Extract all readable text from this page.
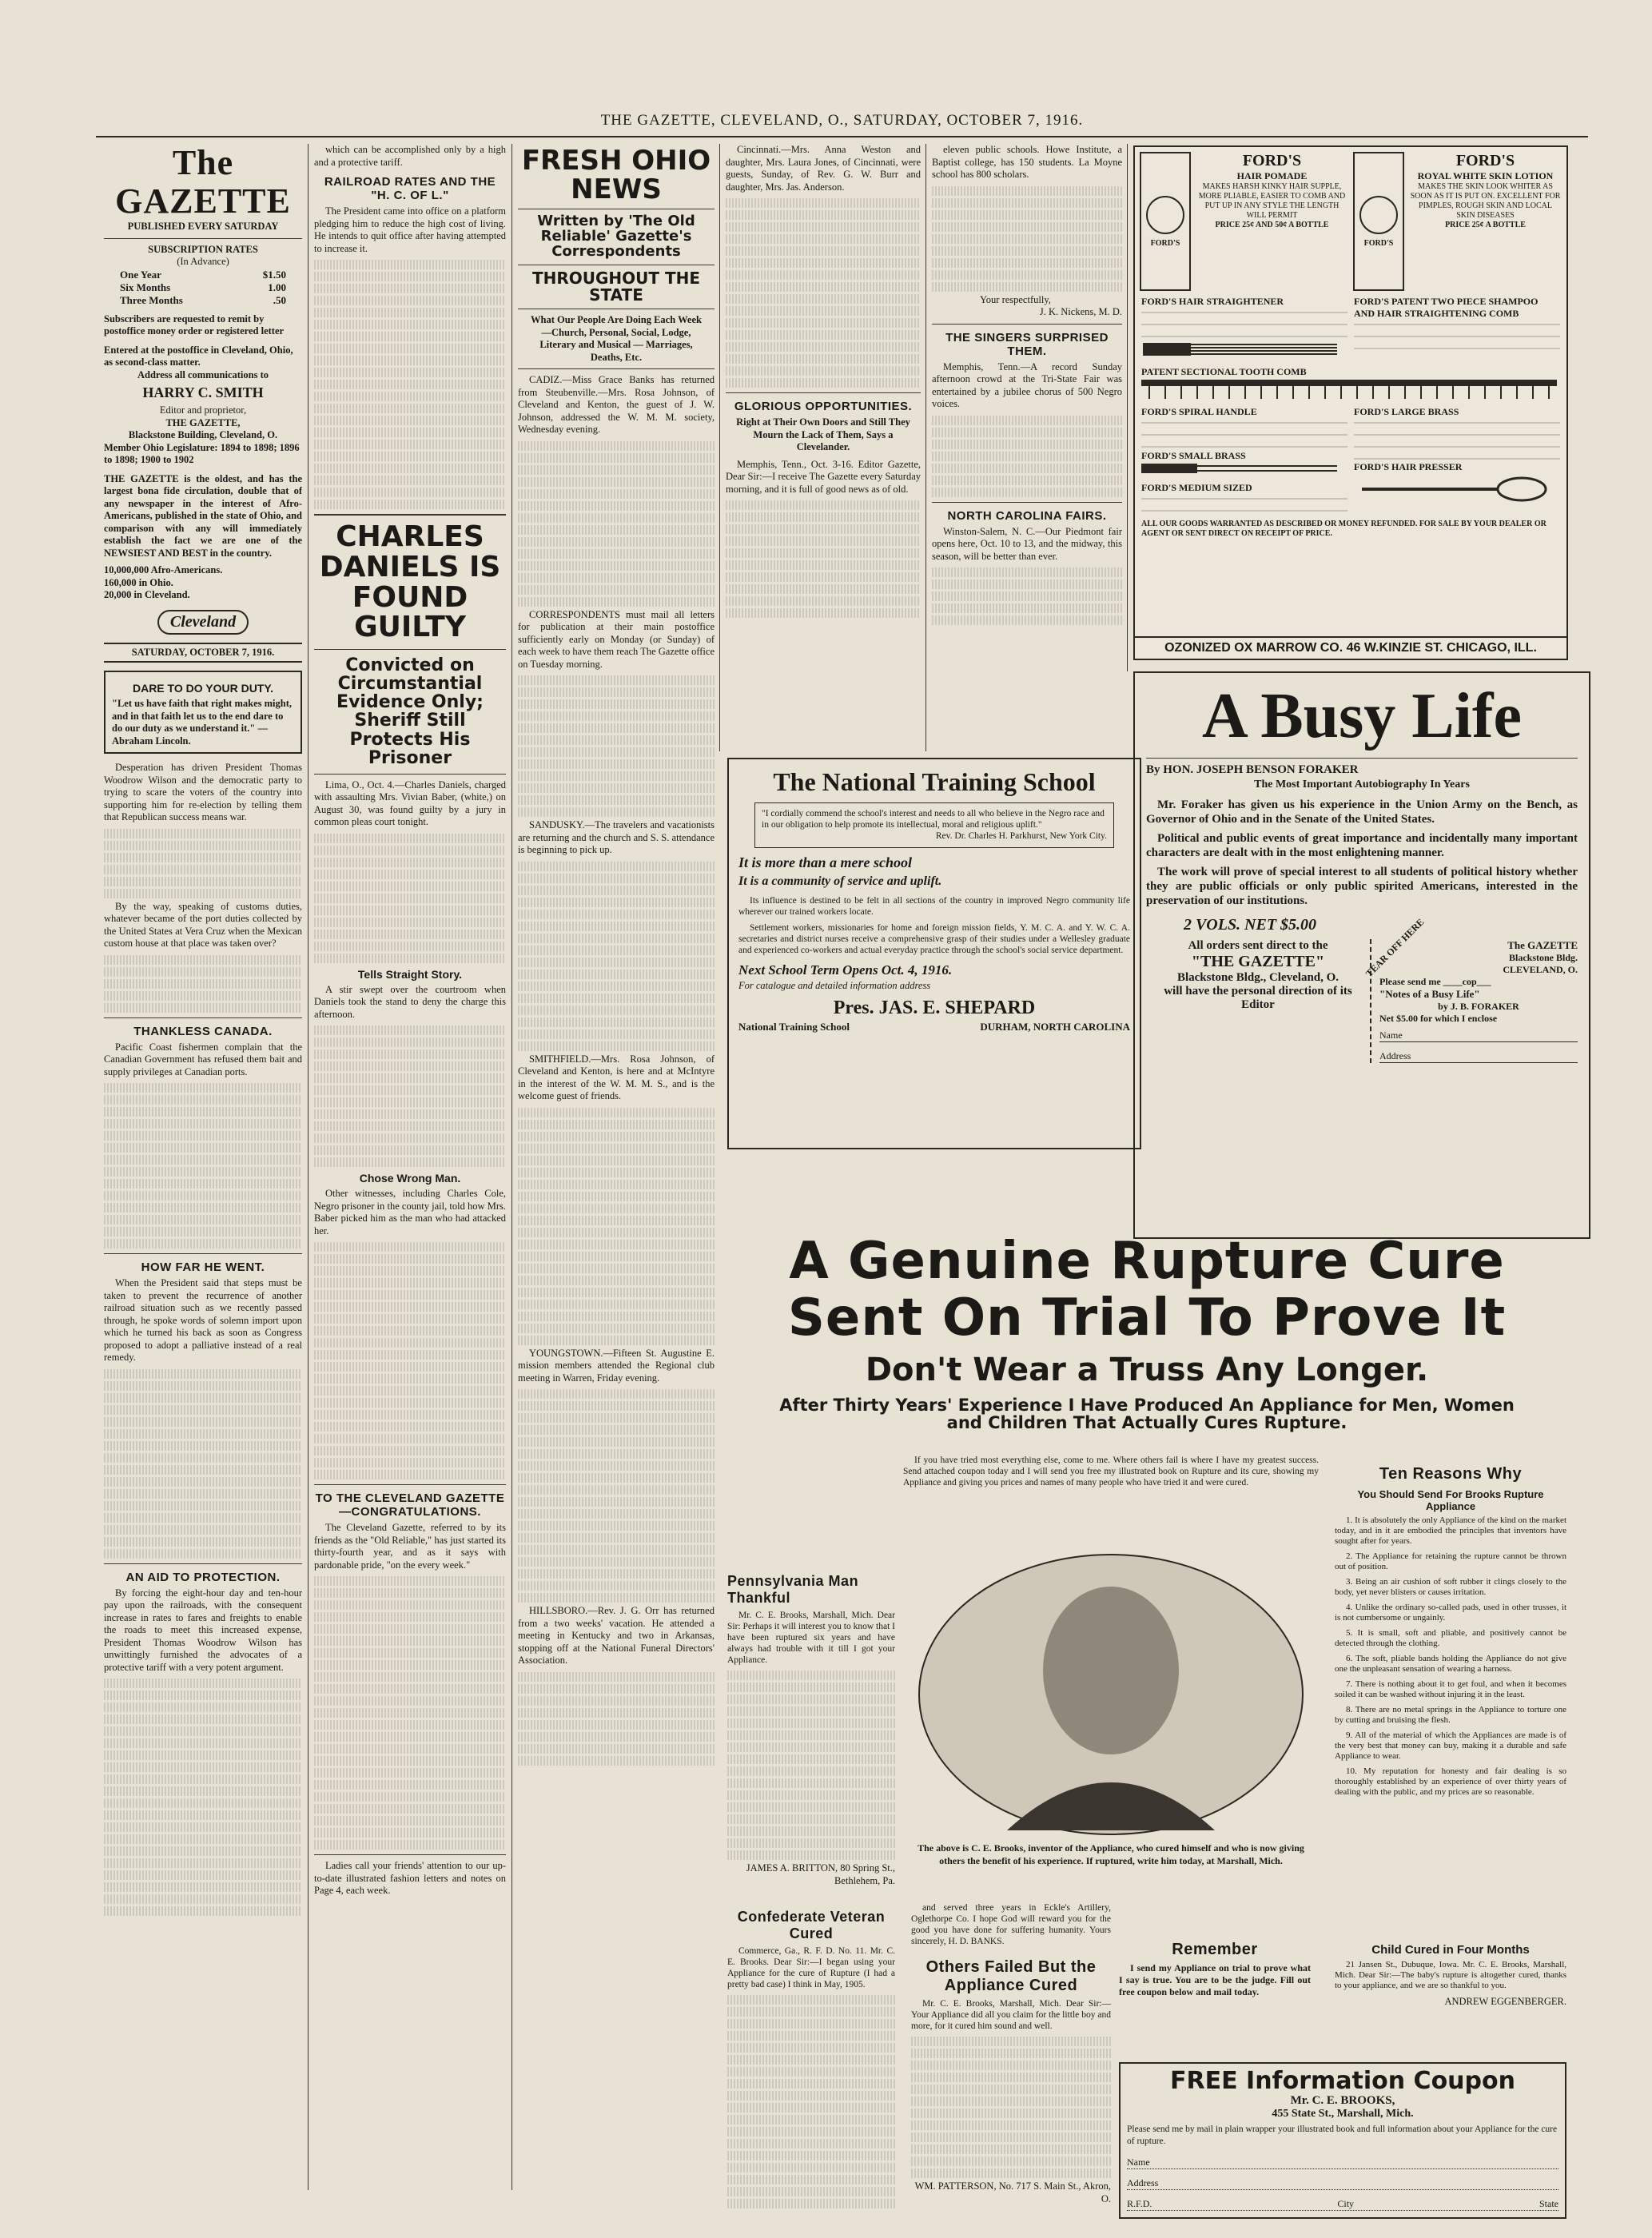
THE GAZETTE, CLEVELAND, O., SATURDAY, OCTOBER 7, 1916.
The GAZETTE
PUBLISHED EVERY SATURDAY
SUBSCRIPTION RATES
(In Advance)
One Year	$1.50
Six Months	1.00
Three Months	.50
Subscribers are requested to remit by postoffice money order or registered letter
Entered at the postoffice in Cleveland, Ohio, as second-class matter.
Address all communications to
HARRY C. SMITH
Editor and proprietor,
THE GAZETTE,
Blackstone Building, Cleveland, O.
Member Ohio Legislature: 1894 to 1898; 1896 to 1898; 1900 to 1902
THE GAZETTE is the oldest, and has the largest bona fide circulation, double that of any newspaper in the interest of Afro-Americans, published in the state of Ohio, and comparison with any will immediately establish the fact we are one of the NEWSIEST AND BEST in the country.
10,000,000 Afro-Americans.
160,000 in Ohio.
20,000 in Cleveland.
Cleveland
SATURDAY, OCTOBER 7, 1916.
DARE TO DO YOUR DUTY.
"Let us have faith that right makes might, and in that faith let us to the end dare to do our duty as we understand it." — Abraham Lincoln.

Desperation has driven President Thomas Woodrow Wilson and the democratic party to trying to scare the voters of the country into supporting him for re-election by telling them that Republican success means war.

By the way, speaking of customs duties, whatever became of the port duties collected by the United States at Vera Cruz when the Mexican custom house at that place was taken over?

THANKLESS CANADA.

Pacific Coast fishermen complain that the Canadian Government has refused them bait and supply privileges at Canadian ports.

HOW FAR HE WENT.

When the President said that steps must be taken to prevent the recurrence of another railroad situation such as we recently passed through, he spoke words of solemn import upon which he turned his back as soon as Congress proposed to adopt a palliative instead of a real remedy.

AN AID TO PROTECTION.

By forcing the eight-hour day and ten-hour pay upon the railroads, with the consequent increase in rates to fares and freights to enable the roads to meet this increased expense, President Thomas Woodrow Wilson has unwittingly furnished the advocates of a protective tariff with a very potent argument.

which can be accomplished only by a high and a protective tariff.

RAILROAD RATES AND THE "H. C. OF L."

The President came into office on a platform pledging him to reduce the high cost of living. He intends to quit office after having attempted to increase it.

CHARLES DANIELS IS FOUND GUILTY
Convicted on Circumstantial Evidence Only; Sheriff Still Protects His Prisoner

Lima, O., Oct. 4.—Charles Daniels, charged with assaulting Mrs. Vivian Baber, (white,) on August 30, was found guilty by a jury in common pleas court tonight.

Tells Straight Story.

A stir swept over the courtroom when Daniels took the stand to deny the charge this afternoon.

Chose Wrong Man.

Other witnesses, including Charles Cole, Negro prisoner in the county jail, told how Mrs. Baber picked him as the man who had attacked her.

TO THE CLEVELAND GAZETTE—CONGRATULATIONS.

The Cleveland Gazette, referred to by its friends as the "Old Reliable," has just started its thirty-fourth year, and as it says with pardonable pride, "on the every week."

Ladies call your friends' attention to our up-to-date illustrated fashion letters and notes on Page 4, each week.

FRESH OHIO NEWS
Written by 'The Old Reliable' Gazette's Correspondents
THROUGHOUT THE STATE
What Our People Are Doing Each Week—Church, Personal, Social, Lodge, Literary and Musical — Marriages, Deaths, Etc.

CADIZ.—Miss Grace Banks has returned from Steubenville.—Mrs. Rosa Johnson, of Cleveland and Kenton, the guest of J. W. Johnson, addressed the W. M. M. society, Wednesday evening.

CORRESPONDENTS must mail all letters for publication at their main postoffice sufficiently early on Monday (or Sunday) of each week to have them reach The Gazette office on Tuesday morning.

SANDUSKY.—The travelers and vacationists are returning and the church and S. S. attendance is beginning to pick up.

SMITHFIELD.—Mrs. Rosa Johnson, of Cleveland and Kenton, is here and at McIntyre in the interest of the W. M. M. S., and is the welcome guest of friends.

YOUNGSTOWN.—Fifteen St. Augustine E. mission members attended the Regional club meeting in Warren, Friday evening.

HILLSBORO.—Rev. J. G. Orr has returned from a two weeks' vacation. He attended a meeting in Kentucky and two in Arkansas, stopping off at the National Funeral Directors' Association.

Cincinnati.—Mrs. Anna Weston and daughter, Mrs. Laura Jones, of Cincinnati, were guests, Sunday, of Rev. G. W. Burr and daughter, Mrs. Jas. Anderson.

GLORIOUS OPPORTUNITIES.
Right at Their Own Doors and Still They Mourn the Lack of Them, Says a Clevelander.

Memphis, Tenn., Oct. 3-16. Editor Gazette, Dear Sir:—I receive The Gazette every Saturday morning, and it is full of good news as of old.

eleven public schools. Howe Institute, a Baptist college, has 150 students. La Moyne school has 800 scholars.

Your respectfully,
J. K. Nickens, M. D.
THE SINGERS SURPRISED THEM.

Memphis, Tenn.—A record Sunday afternoon crowd at the Tri-State Fair was entertained by a jubilee chorus of 500 Negro voices.

NORTH CAROLINA FAIRS.

Winston-Salem, N. C.—Our Piedmont fair opens here, Oct. 10 to 13, and the midway, this season, will be better than ever.

FORD'S
FORD'S
HAIR POMADE
MAKES HARSH KINKY HAIR SUPPLE, MORE PLIABLE, EASIER TO COMB AND PUT UP IN ANY STYLE THE LENGTH WILL PERMIT
PRICE 25¢ AND 50¢ A BOTTLE
FORD'S
FORD'S
ROYAL WHITE SKIN LOTION
MAKES THE SKIN LOOK WHITER AS SOON AS IT IS PUT ON. EXCELLENT FOR PIMPLES, ROUGH SKIN AND LOCAL SKIN DISEASES
PRICE 25¢ A BOTTLE
FORD'S HAIR STRAIGHTENER	FORD'S PATENT TWO PIECE SHAMPOO AND HAIR STRAIGHTENING COMB
PATENT SECTIONAL TOOTH COMB
FORD'S SPIRAL HANDLE
FORD'S SMALL BRASS
FORD'S MEDIUM SIZED
FORD'S LARGE BRASS
FORD'S HAIR PRESSER
ALL OUR GOODS WARRANTED AS DESCRIBED OR MONEY REFUNDED. FOR SALE BY YOUR DEALER OR AGENT OR SENT DIRECT ON RECEIPT OF PRICE.
OZONIZED OX MARROW CO. 46 W.KINZIE ST. CHICAGO, ILL.
A Busy Life
By HON. JOSEPH BENSON FORAKER
The Most Important Autobiography In Years

Mr. Foraker has given us his experience in the Union Army on the Bench, as Governor of Ohio and in the Senate of the United States.

Political and public events of great importance and incidentally many important characters are dealt with in the most enlightening manner.

The work will prove of special interest to all students of political history whether they are public officials or only public spirited Americans, interested in the preservation of our institutions.

2 VOLS. NET $5.00
All orders sent direct to the
"THE GAZETTE"
Blackstone Bldg., Cleveland, O.
will have the personal direction of its Editor
The GAZETTE
Blackstone Bldg.
CLEVELAND, O.
Please send me ____cop___
"Notes of a Busy Life"
by J. B. FORAKER
Net $5.00 for which I enclose
Name
Address
TEAR OFF HERE
The National Training School
"I cordially commend the school's interest and needs to all who believe in the Negro race and in our obligation to help promote its intellectual, moral and religious uplift."
Rev. Dr. Charles H. Parkhurst, New York City.
It is more than a mere school
It is a community of service and uplift.

Its influence is destined to be felt in all sections of the country in improved Negro community life wherever our trained workers locate.

Settlement workers, missionaries for home and foreign mission fields, Y. M. C. A. and Y. W. C. A. secretaries and district nurses receive a comprehensive grasp of their studies under a Wellesley graduate and experienced co-workers and actual everyday practice through the school's social service department.

Next School Term Opens Oct. 4, 1916.
For catalogue and detailed information address
Pres. JAS. E. SHEPARD
National Training School	DURHAM, NORTH CAROLINA
A Genuine Rupture Cure
Sent On Trial To Prove It
Don't Wear a Truss Any Longer.
After Thirty Years' Experience I Have Produced An Appliance for Men, Women and Children That Actually Cures Rupture.

If you have tried most everything else, come to me. Where others fail is where I have my greatest success. Send attached coupon today and I will send you free my illustrated book on Rupture and its cure, showing my Appliance and giving you prices and names of many people who have tried it and were cured.

Pennsylvania Man Thankful

Mr. C. E. Brooks, Marshall, Mich. Dear Sir: Perhaps it will interest you to know that I have been ruptured six years and have always had trouble with it till I got your Appliance.

JAMES A. BRITTON, 80 Spring St., Bethlehem, Pa.
The above is C. E. Brooks, inventor of the Appliance, who cured himself and who is now giving others the benefit of his experience. If ruptured, write him today, at Marshall, Mich.
Confederate Veteran Cured

Commerce, Ga., R. F. D. No. 11. Mr. C. E. Brooks. Dear Sir:—I began using your Appliance for the cure of Rupture (I had a pretty bad case) I think in May, 1905.

and served three years in Eckle's Artillery, Oglethorpe Co. I hope God will reward you for the good you have done for suffering humanity. Yours sincerely, H. D. BANKS.

Others Failed But the Appliance Cured

Mr. C. E. Brooks, Marshall, Mich. Dear Sir:—Your Appliance did all you claim for the little boy and more, for it cured him sound and well.

WM. PATTERSON, No. 717 S. Main St., Akron, O.
Remember

I send my Appliance on trial to prove what I say is true. You are to be the judge. Fill out free coupon below and mail today.

Ten Reasons Why
You Should Send For Brooks Rupture Appliance

1. It is absolutely the only Appliance of the kind on the market today, and in it are embodied the principles that inventors have sought after for years.

2. The Appliance for retaining the rupture cannot be thrown out of position.

3. Being an air cushion of soft rubber it clings closely to the body, yet never blisters or causes irritation.

4. Unlike the ordinary so-called pads, used in other trusses, it is not cumbersome or ungainly.

5. It is small, soft and pliable, and positively cannot be detected through the clothing.

6. The soft, pliable bands holding the Appliance do not give one the unpleasant sensation of wearing a harness.

7. There is nothing about it to get foul, and when it becomes soiled it can be washed without injuring it in the least.

8. There are no metal springs in the Appliance to torture one by cutting and bruising the flesh.

9. All of the material of which the Appliances are made is of the very best that money can buy, making it a durable and safe Appliance to wear.

10. My reputation for honesty and fair dealing is so thoroughly established by an experience of over thirty years of dealing with the public, and my prices are so reasonable.

Child Cured in Four Months

21 Jansen St., Dubuque, Iowa. Mr. C. E. Brooks, Marshall, Mich. Dear Sir:—The baby's rupture is altogether cured, thanks to your appliance, and we are so thankful to you.

ANDREW EGGENBERGER.
FREE Information Coupon
Mr. C. E. BROOKS,
455 State St., Marshall, Mich.
Please send me by mail in plain wrapper your illustrated book and full information about your Appliance for the cure of rupture.
Name
Address
R.F.D.	City	State
